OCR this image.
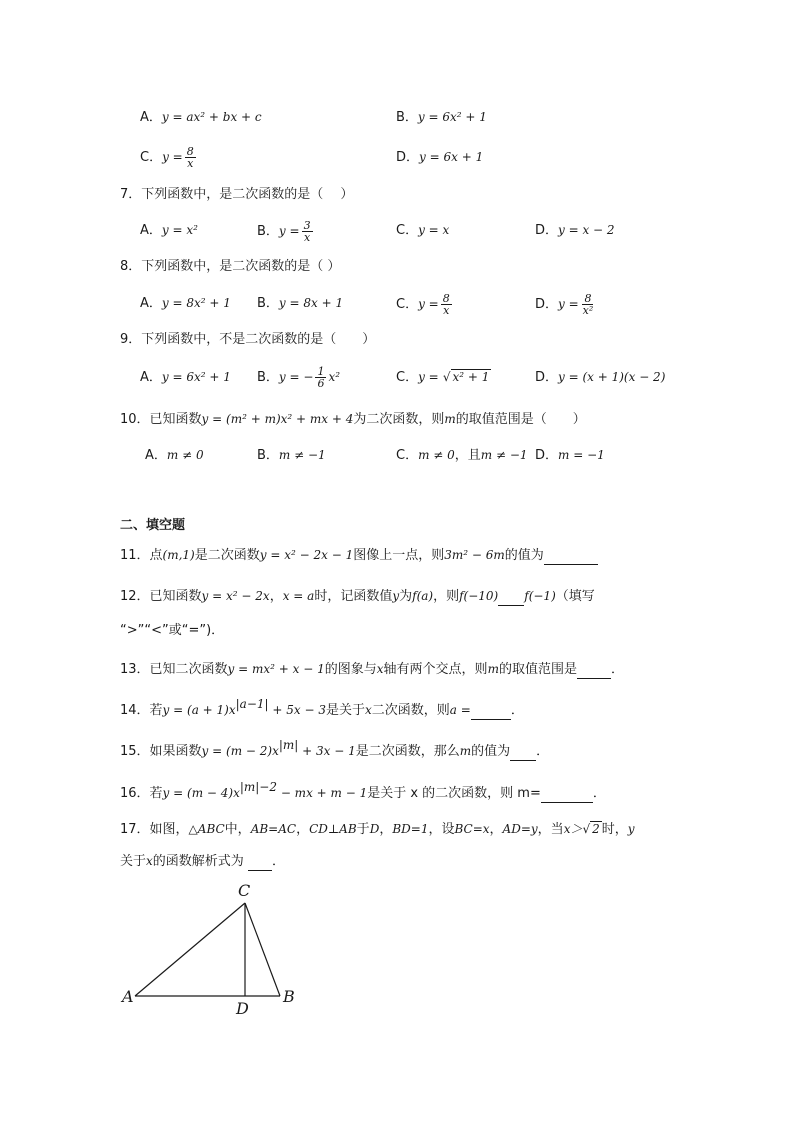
A．y = ax² + bx + c	B．y = 6x² + 1
C．$y = \frac{8}{x}$	D．y = 6x + 1
7．下列函数中，是二次函数的是（　 ）
A．y = x²	B．$y = \frac{3}{x}$	C．y = x	D．y = x − 2
8．下列函数中，是二次函数的是（ ）
A．y = 8x² + 1 B．y = 8x + 1	C．$y = \frac{8}{x}$	D．$y = \frac{8}{\text{x²}}$
9．下列函数中，不是二次函数的是（　　）
A．y = 6x² + 1 B．y = − $\frac{1}{6} x^2$	C．y = √ x² + 1	D．y = (x + 1)(x − 2)
10．已知函数y = (m² + m)x² + mx + 4为二次函数，则m的取值范围是（　　）
A．m ≠ 0	B．m ≠ −1	C．m ≠ 0，且m ≠ −1 D．m = −1
二、填空题
11．点(m,1)是二次函数y = x² − 2x − 1图像上一点，则3m² − 6m的值为
12．已知函数y = x² − 2x，x = a时，记函数值y为f(a)，则f(−10) f(−1)（填写
“>”“<”或“=”)．
13．已知二次函数y = mx² + x − 1的图象与x轴有两个交点，则m的取值范围是	．
14．若$y = (a + 1)x^{|a-1|} + 5x - 3$是关于x二次函数，则a =	．
15．如果函数$y = (m - 2)x^{|m|} + 3x - 1$是二次函数，那么m的值为 ．
16．若$y = (m - 4)x^{|m|-2}$ − mx + m − 1是关于 x 的二次函数，则 m=	．
17．如图，△ABC中，AB=AC，CD⊥AB于D，BD=1，设BC=x，AD=y，当x＞√ 2 时，y
关于x的函数解析式为 ．
A	B
C
D
